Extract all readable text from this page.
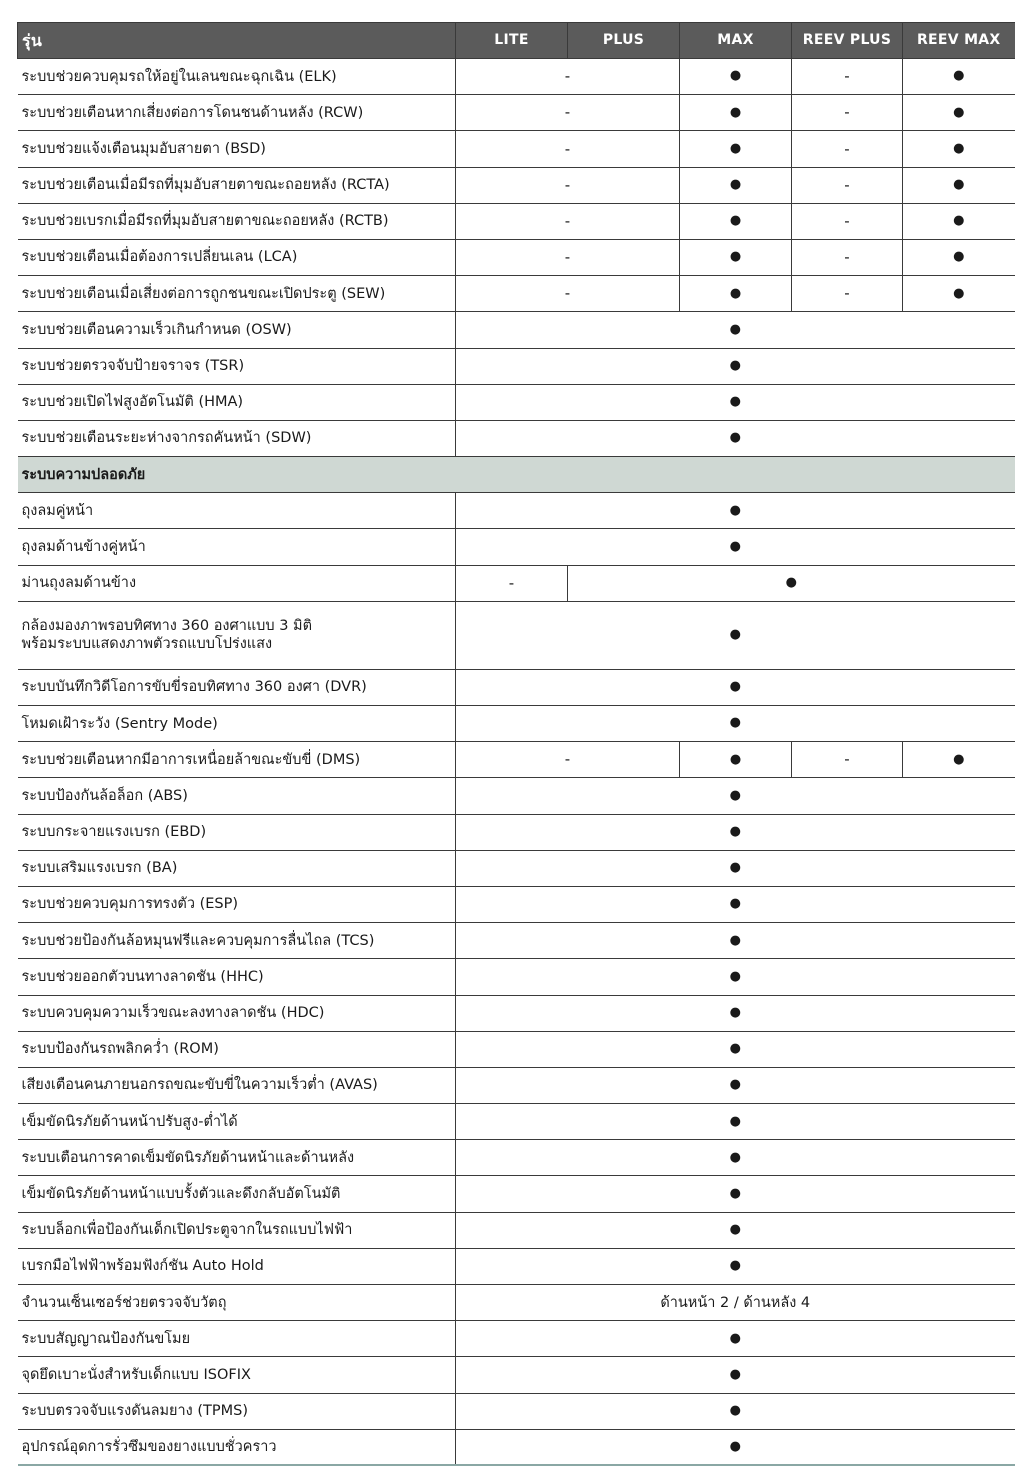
รุ่น	LITE	PLUS	MAX	REEV PLUS	REEV MAX
ระบบช่วยควบคุมรถให้อยู่ในเลนขณะฉุกเฉิน (ELK)	-		●	-	●
ระบบช่วยเตือนหากเสี่ยงต่อการโดนชนด้านหลัง (RCW)	-		●	-	●
ระบบช่วยแจ้งเตือนมุมอับสายตา (BSD)	-		●	-	●
ระบบช่วยเตือนเมื่อมีรถที่มุมอับสายตาขณะถอยหลัง (RCTA)	-		●	-	●
ระบบช่วยเบรกเมื่อมีรถที่มุมอับสายตาขณะถอยหลัง (RCTB)	-		●	-	●
ระบบช่วยเตือนเมื่อต้องการเปลี่ยนเลน (LCA)	-		●	-	●
ระบบช่วยเตือนเมื่อเสี่ยงต่อการถูกชนขณะเปิดประตู (SEW)	-		●	-	●
ระบบช่วยเตือนความเร็วเกินกำหนด (OSW)	●				
ระบบช่วยตรวจจับป้ายจราจร (TSR)	●				
ระบบช่วยเปิดไฟสูงอัตโนมัติ (HMA)	●				
ระบบช่วยเตือนระยะห่างจากรถคันหน้า (SDW)	●				
ระบบความปลอดภัย					
ถุงลมคู่หน้า	●				
ถุงลมด้านข้างคู่หน้า	●				
ม่านถุงลมด้านข้าง	-	●			
กล้องมองภาพรอบทิศทาง 360 องศาแบบ 3 มิติ
พร้อมระบบแสดงภาพตัวรถแบบโปร่งแสง	●				
ระบบบันทึกวิดีโอการขับขี่รอบทิศทาง 360 องศา (DVR)	●				
โหมดเฝ้าระวัง (Sentry Mode)	●				
ระบบช่วยเตือนหากมีอาการเหนื่อยล้าขณะขับขี่ (DMS)	-		●	-	●
ระบบป้องกันล้อล็อก (ABS)	●				
ระบบกระจายแรงเบรก (EBD)	●				
ระบบเสริมแรงเบรก (BA)	●				
ระบบช่วยควบคุมการทรงตัว (ESP)	●				
ระบบช่วยป้องกันล้อหมุนฟรีและควบคุมการลื่นไถล (TCS)	●				
ระบบช่วยออกตัวบนทางลาดชัน (HHC)	●				
ระบบควบคุมความเร็วขณะลงทางลาดชัน (HDC)	●				
ระบบป้องกันรถพลิกคว่ำ (ROM)	●				
เสียงเตือนคนภายนอกรถขณะขับขี่ในความเร็วต่ำ (AVAS)	●				
เข็มขัดนิรภัยด้านหน้าปรับสูง-ต่ำได้	●				
ระบบเตือนการคาดเข็มขัดนิรภัยด้านหน้าและด้านหลัง	●				
เข็มขัดนิรภัยด้านหน้าแบบรั้งตัวและดึงกลับอัตโนมัติ	●				
ระบบล็อกเพื่อป้องกันเด็กเปิดประตูจากในรถแบบไฟฟ้า	●				
เบรกมือไฟฟ้าพร้อมฟังก์ชัน Auto Hold	●				
จำนวนเซ็นเซอร์ช่วยตรวจจับวัตถุ	ด้านหน้า 2 / ด้านหลัง 4				
ระบบสัญญาณป้องกันขโมย	●				
จุดยึดเบาะนั่งสำหรับเด็กแบบ ISOFIX	●				
ระบบตรวจจับแรงดันลมยาง (TPMS)	●				
อุปกรณ์อุดการรั่วซึมของยางแบบชั่วคราว	●				
